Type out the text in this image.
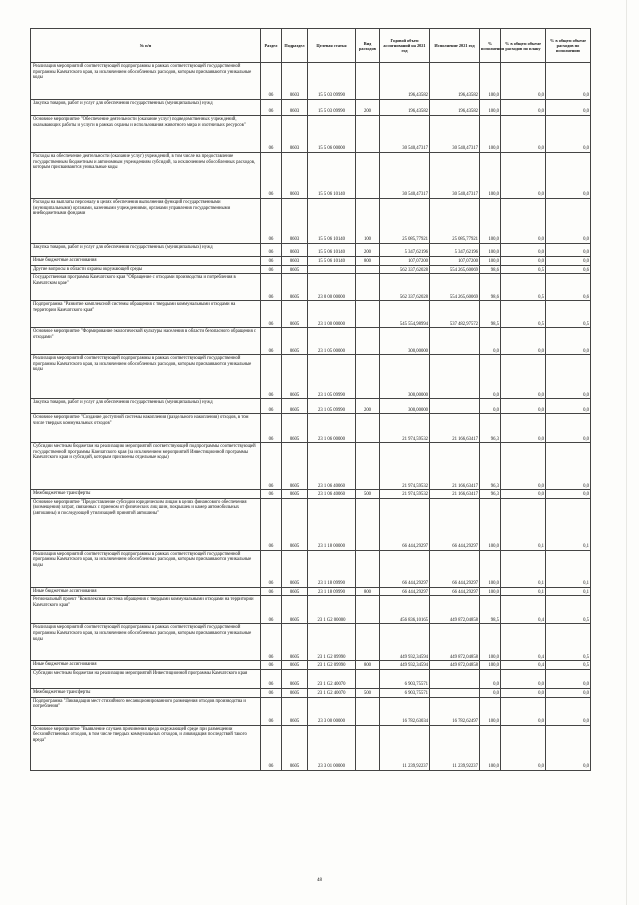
№ п/п	Раздел	Подраздел	Целевая статья	Вид расходов	Годовой объем ассигнований на 2021 год	Исполнение 2021 год	% исполнения	% в общем объеме расходов по плану	% в общем объеме расходов по исполнению
Реализация мероприятий соответствующей подпрограммы в рамках соответствующей государственной программы Камчатского края, за исключением обособленных расходов, которым присваиваются уникальные коды	06	0603	15 5 03 09990		196,43582	196,43582	100,0	0,0	0,0
Закупка товаров, работ и услуг для обеспечения государственных (муниципальных) нужд	06	0603	15 5 03 09990	200	196,43582	196,43582	100,0	0,0	0,0
Основное мероприятие "Обеспечение деятельности (оказание услуг) подведомственных учреждений, оказывающих работы и услуги в рамках охраны и использования животного мира и охотничьих ресурсов"	06	0603	15 5 06 00000		30 540,47317	30 540,47317	100,0	0,0	0,0
Расходы на обеспечение деятельности (оказание услуг) учреждений, в том числе на предоставление государственным бюджетным и автономным учреждениям субсидий, за исключением обособленных расходов, которым присваиваются уникальные коды	06	0603	15 5 06 10140		30 540,47317	30 540,47317	100,0	0,0	0,0
Расходы на выплаты персоналу в целях обеспечения выполнения функций государственными (муниципальными) органами, казенными учреждениями, органами управления государственными внебюджетными фондами	06	0603	15 5 06 10140	100	25 085,77921	25 085,77921	100,0	0,0	0,0
Закупка товаров, работ и услуг для обеспечения государственных (муниципальных) нужд	06	0603	15 5 06 10140	200	5 347,62196	5 347,62196	100,0	0,0	0,0
Иные бюджетные ассигнования	06	0603	15 5 06 10140	800	107,07200	107,07200	100,0	0,0	0,0
Другие вопросы в области охраны окружающей среды	06	0605			562 337,62028	554 265,60069	98,6	0,5	0,6
Государственная программа Камчатского края "Обращение с отходами производства и потребления в Камчатском крае"	06	0605	23 0 00 00000		562 337,62028	554 265,60069	98,6	0,5	0,6
Подпрограмма "Развитие комплексной системы обращения с твердыми коммунальными отходами на территории Камчатского края"	06	0605	23 1 00 00000		545 554,98994	537 482,97572	98,5	0,5	0,5
Основное мероприятие "Формирование экологической культуры населения в области безопасного обращения с отходами"	06	0605	23 1 05 00000		300,00000		0,0	0,0	0,0
Реализация мероприятий соответствующей подпрограммы в рамках соответствующей государственной программы Камчатского края, за исключением обособленных расходов, которым присваиваются уникальные коды	06	0605	23 1 05 09990		300,00000		0,0	0,0	0,0
Закупка товаров, работ и услуг для обеспечения государственных (муниципальных) нужд	06	0605	23 1 05 09990	200	300,00000		0,0	0,0	0,0
Основное мероприятие "Создание доступной системы накопления (раздельного накопления) отходов, в том числе твердых коммунальных отходов"	06	0605	23 1 06 00000		21 974,59532	21 166,63417	96,3	0,0	0,0
Субсидии местным бюджетам на реализацию мероприятий соответствующей подпрограммы соответствующей государственной программы Камчатского края (за исключением мероприятий Инвестиционной программы Камчатского края и субсидий, которым присвоены отдельные коды)	06	0605	23 1 06 40060		21 974,59532	21 166,63417	96,3	0,0	0,0
Межбюджетные трансферты	06	0605	23 1 06 40060	500	21 974,59532	21 166,63417	96,3	0,0	0,0
Основное мероприятие "Предоставление субсидии юридическим лицам в целях финансового обеспечения (возмещения) затрат, связанных с приемом от физических лиц шин, покрышек и камер автомобильных (автошины) и последующей утилизацией принятой автошины"	06	0605	23 1 18 00000		66 444,29297	66 444,29297	100,0	0,1	0,1
Реализация мероприятий соответствующей подпрограммы в рамках соответствующей государственной программы Камчатского края, за исключением обособленных расходов, которым присваиваются уникальные коды	06	0605	23 1 18 09990		66 444,29297	66 444,29297	100,0	0,1	0,1
Иные бюджетные ассигнования	06	0605	23 1 18 09990	800	66 444,29297	66 444,29297	100,0	0,1	0,1
Региональный проект "Комплексная система обращения с твердыми коммунальными отходами на территории Камчатского края"	06	0605	23 1 G2 00000		456 836,10165	449 872,04858	98,5	0,4	0,5
Реализация мероприятий соответствующей подпрограммы в рамках соответствующей государственной программы Камчатского края, за исключением обособленных расходов, которым присваиваются уникальные коды	06	0605	23 1 G2 09990		449 932,34594	449 872,04858	100,0	0,4	0,5
Иные бюджетные ассигнования	06	0605	23 1 G2 09990	800	449 932,34594	449 872,04858	100,0	0,4	0,5
Субсидии местным бюджетам на реализацию мероприятий Инвестиционной программы Камчатского края	06	0605	23 1 G2 40070		6 903,75571		0,0	0,0	0,0
Межбюджетные трансферты	06	0605	23 1 G2 40070	500	6 903,75571		0,0	0,0	0,0
Подпрограмма "Ликвидация мест стихийного несанкционированного размещения отходов производства и потребления"	06	0605	23 3 00 00000		16 782,63034	16 782,62497	100,0	0,0	0,0
Основное мероприятие "Выявление случаев причинения вреда окружающей среде при размещении бесхозяйственных отходов, в том числе твердых коммунальных отходов, и ликвидация последствий такого вреда"	06	0605	23 3 01 00000		11 239,92237	11 239,92237	100,0	0,0	0,0
48
